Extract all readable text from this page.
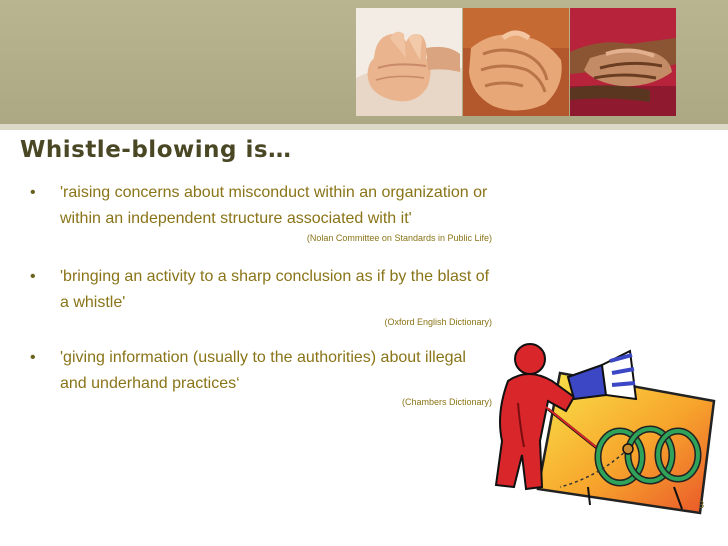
Whistle-blowing is…
• 'raising concerns about misconduct within an organization or within an independent structure associated with it'

(Nolan Committee on Standards in Public Life)

• 'bringing an activity to a sharp conclusion as if by the blast of a whistle'

(Oxford English Dictionary)

• 'giving information (usually to the authorities) about illegal and underhand practices‘

(Chambers Dictionary)

3
